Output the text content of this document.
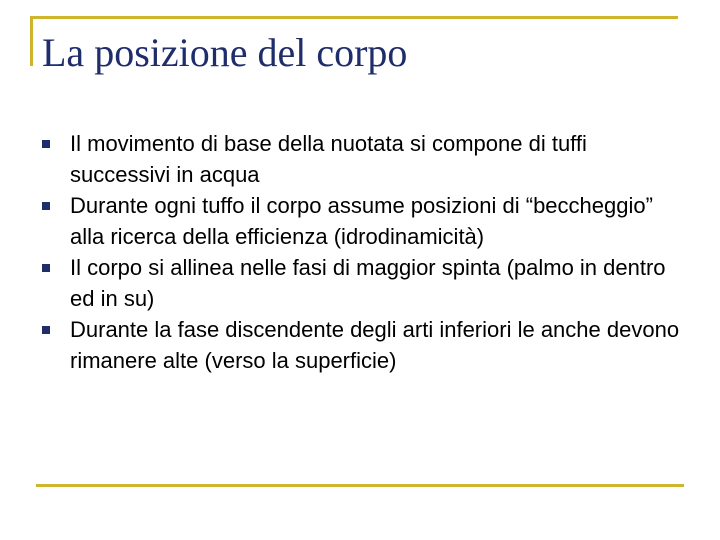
La posizione del corpo
Il movimento di base della nuotata si compone di tuffi successivi in acqua
Durante ogni tuffo il corpo assume posizioni di “beccheggio” alla ricerca della efficienza (idrodinamicità)
Il corpo si allinea nelle fasi di maggior spinta (palmo in dentro ed in su)
Durante la fase discendente degli arti inferiori le anche devono rimanere alte (verso la superficie)
